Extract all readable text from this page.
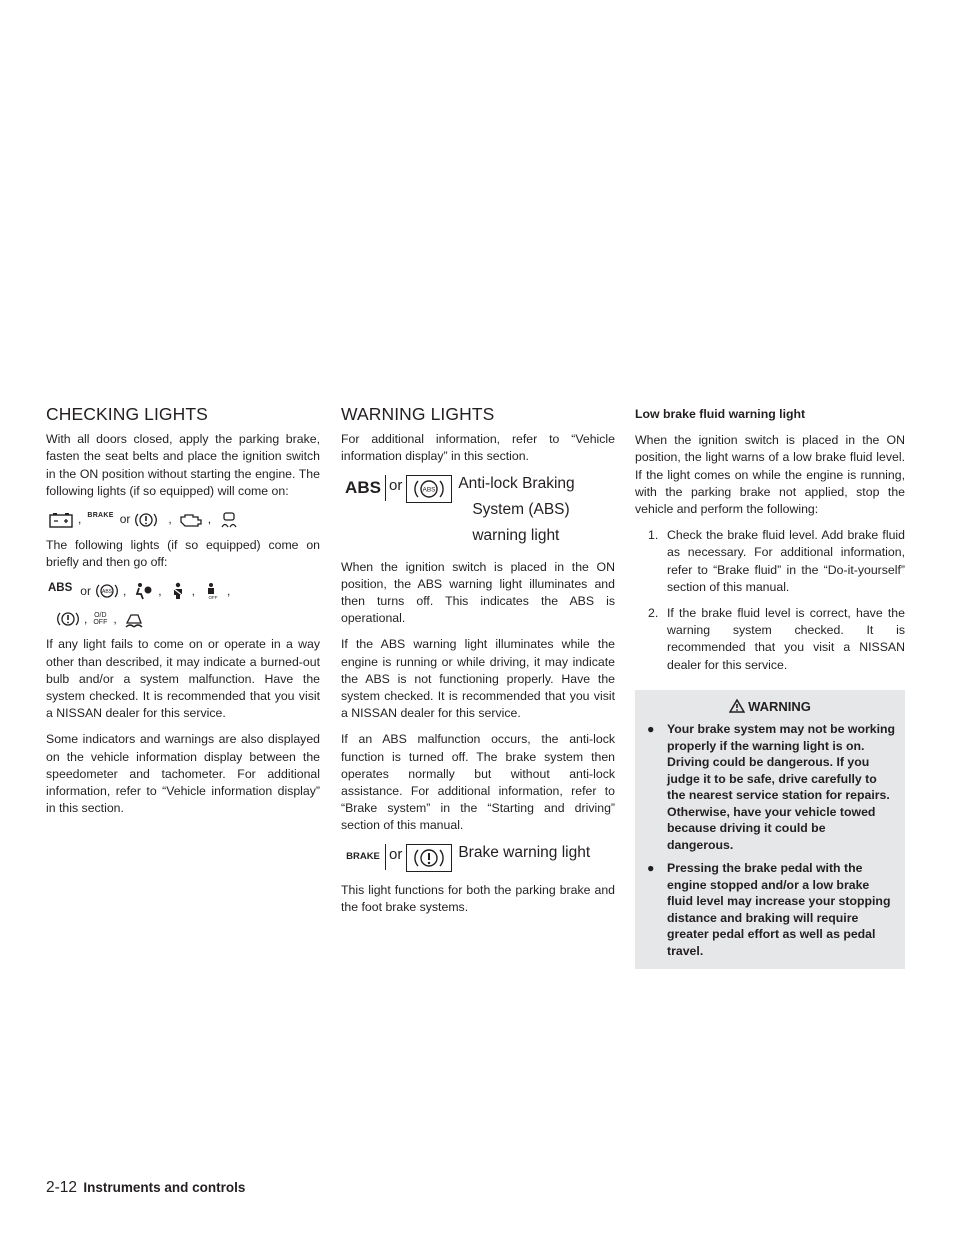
CHECKING LIGHTS

With all doors closed, apply the parking brake, fasten the seat belts and place the ignition switch in the ON position without starting the engine. The following lights (if so equipped) will come on:

, BRAKE or	,	,

The following lights (if so equipped) come on briefly and then go off:

ABS or ABS ,	,	,
OFF
,
, O/D
OFF ,

If any light fails to come on or operate in a way other than described, it may indicate a burned-out bulb and/or a system malfunction. Have the system checked. It is recommended that you visit a NISSAN dealer for this service.

Some indicators and warnings are also displayed on the vehicle information display between the speedometer and tachometer. For additional information, refer to “Vehicle information display” in this section.

WARNING LIGHTS

For additional information, refer to “Vehicle information display” in this section.

ABS or	ABS Anti-lock Braking
System (ABS)
warning light

When the ignition switch is placed in the ON position, the ABS warning light illuminates and then turns off. This indicates the ABS is operational.

If the ABS warning light illuminates while the engine is running or while driving, it may indicate the ABS is not functioning properly. Have the system checked. It is recommended that you visit a NISSAN dealer for this service.

If an ABS malfunction occurs, the anti-lock function is turned off. The brake system then operates normally but without anti-lock assistance. For additional information, refer to “Brake system” in the “Starting and driving” section of this manual.

BRAKE or	Brake warning light

This light functions for both the parking brake and the foot brake systems.

Low brake fluid warning light

When the ignition switch is placed in the ON position, the light warns of a low brake fluid level. If the light comes on while the engine is running, with the parking brake not applied, stop the vehicle and perform the following:

1. Check the brake fluid level. Add brake fluid as necessary. For additional information, refer to “Brake fluid” in the “Do-it-yourself” section of this manual.
2. If the brake fluid level is correct, have the warning system checked. It is recommended that you visit a NISSAN dealer for this service.
WARNING
● Your brake system may not be working properly if the warning light is on. Driving could be dangerous. If you judge it to be safe, drive carefully to the nearest service station for repairs. Otherwise, have your vehicle towed because driving it could be dangerous.
● Pressing the brake pedal with the engine stopped and/or a low brake fluid level may increase your stopping distance and braking will require greater pedal effort as well as pedal travel.
2-12 Instruments and controls
